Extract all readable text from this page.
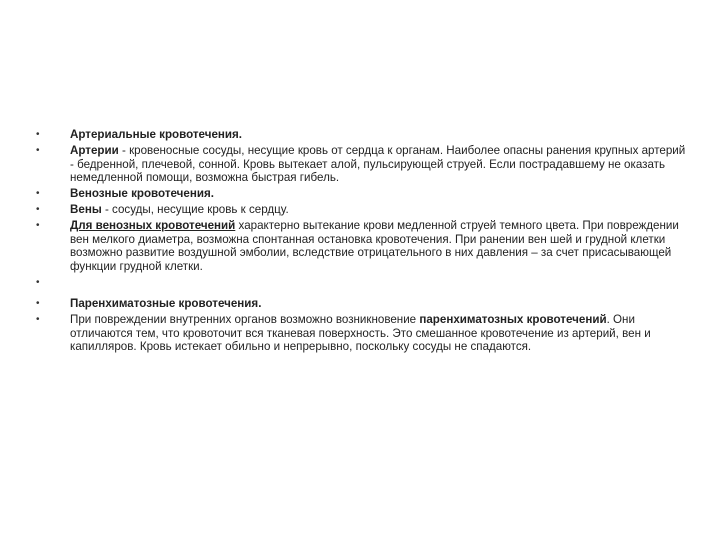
• Артериальные кровотечения.
• Артерии - кровеносные сосуды, несущие кровь от сердца к органам. Наиболее опасны ранения крупных артерий - бедренной, плечевой, сонной. Кровь вытекает алой, пульсирующей струей. Если пострадавшему не оказать немедленной помощи, возможна быстрая гибель.
• Венозные кровотечения.
• Вены - сосуды, несущие кровь к сердцу.
• Для венозных кровотечений характерно вытекание крови медленной струей темного цвета. При повреждении вен мелкого диаметра, возможна спонтанная остановка кровотечения. При ранении вен шей и грудной клетки возможно развитие воздушной эмболии, вследствие отрицательного в них давления – за счет присасывающей функции грудной клетки.
•
• Паренхиматозные кровотечения.
• При повреждении внутренних органов возможно возникновение паренхиматозных кровотечений. Они отличаются тем, что кровоточит вся тканевая поверхность. Это смешанное кровотечение из артерий, вен и капилляров. Кровь истекает обильно и непрерывно, поскольку сосуды не спадаются.
